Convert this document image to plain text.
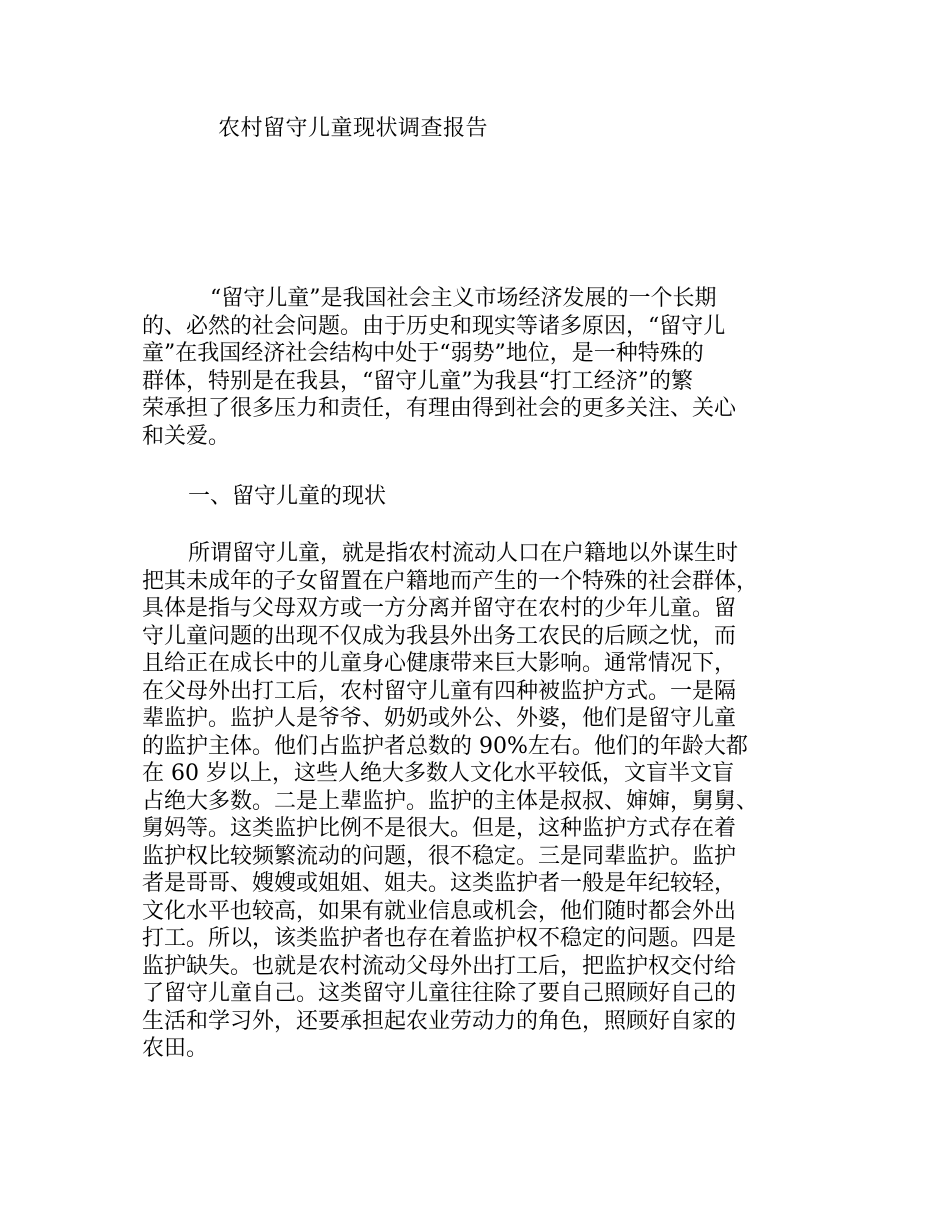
农村留守儿童现状调查报告

“留守儿童”是我国社会主义市场经济发展的一个长期
的、必然的社会问题。由于历史和现实等诸多原因，“留守儿
童”在我国经济社会结构中处于“弱势”地位，是一种特殊的
群体，特别是在我县，“留守儿童”为我县“打工经济”的繁
荣承担了很多压力和责任，有理由得到社会的更多关注、关心
和关爱。

一、留守儿童的现状

所谓留守儿童，就是指农村流动人口在户籍地以外谋生时
把其未成年的子女留置在户籍地而产生的一个特殊的社会群体，
具体是指与父母双方或一方分离并留守在农村的少年儿童。留
守儿童问题的出现不仅成为我县外出务工农民的后顾之忧，而
且给正在成长中的儿童身心健康带来巨大影响。通常情况下，
在父母外出打工后，农村留守儿童有四种被监护方式。一是隔
辈监护。监护人是爷爷、奶奶或外公、外婆，他们是留守儿童
的监护主体。他们占监护者总数的 90%左右。他们的年龄大都
在 60 岁以上，这些人绝大多数人文化水平较低，文盲半文盲
占绝大多数。二是上辈监护。监护的主体是叔叔、婶婶，舅舅、
舅妈等。这类监护比例不是很大。但是，这种监护方式存在着
监护权比较频繁流动的问题，很不稳定。三是同辈监护。监护
者是哥哥、嫂嫂或姐姐、姐夫。这类监护者一般是年纪较轻，
文化水平也较高，如果有就业信息或机会，他们随时都会外出
打工。所以，该类监护者也存在着监护权不稳定的问题。四是
监护缺失。也就是农村流动父母外出打工后，把监护权交付给
了留守儿童自己。这类留守儿童往往除了要自己照顾好自己的
生活和学习外，还要承担起农业劳动力的角色，照顾好自家的
农田。
